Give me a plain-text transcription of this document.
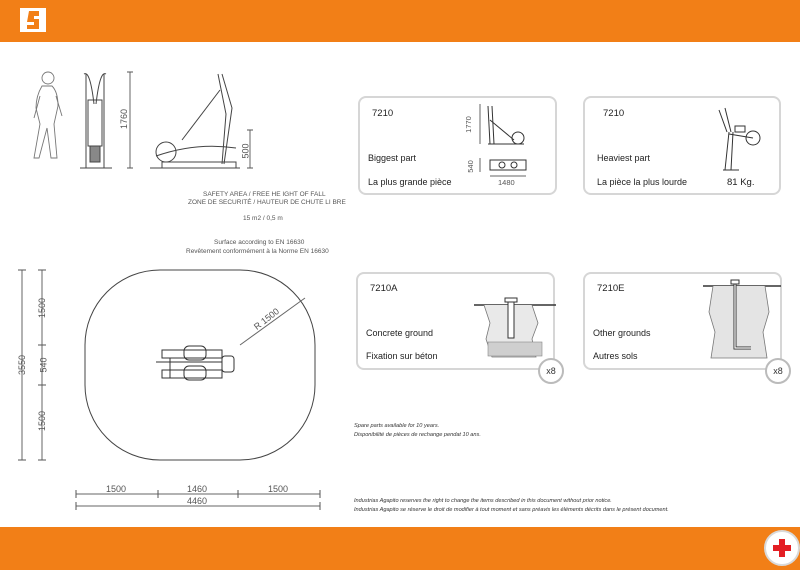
1760
500
SAFETY AREA / FREE HE IGHT OF FALL
ZONE DE SECURITÉ / HAUTEUR DE CHUTE LI BRE
15 m2 / 0,5 m
Surface according to EN 16630
Revêtement conformément à la Norme EN 16630
R 1500
1500
540
1500
3550
1500	1460	1500
4460
7210
Biggest part
La plus grande pièce
1770
540
1480
7210
Heaviest part
La pièce la plus lourde	81 Kg.
7210A
Concrete ground
Fixation sur béton
x8
7210E
Other grounds
Autres sols
x8
Spare parts available for 10 years.
Disponibilité de pièces de rechange pendat 10 ans.
Industrias Agapito reserves the right to change the items described in this document without prior notice.
Industrias Agapito se réserve le droit de modifier à tout moment et sans préavis les éléments décrits dans le présent document.
